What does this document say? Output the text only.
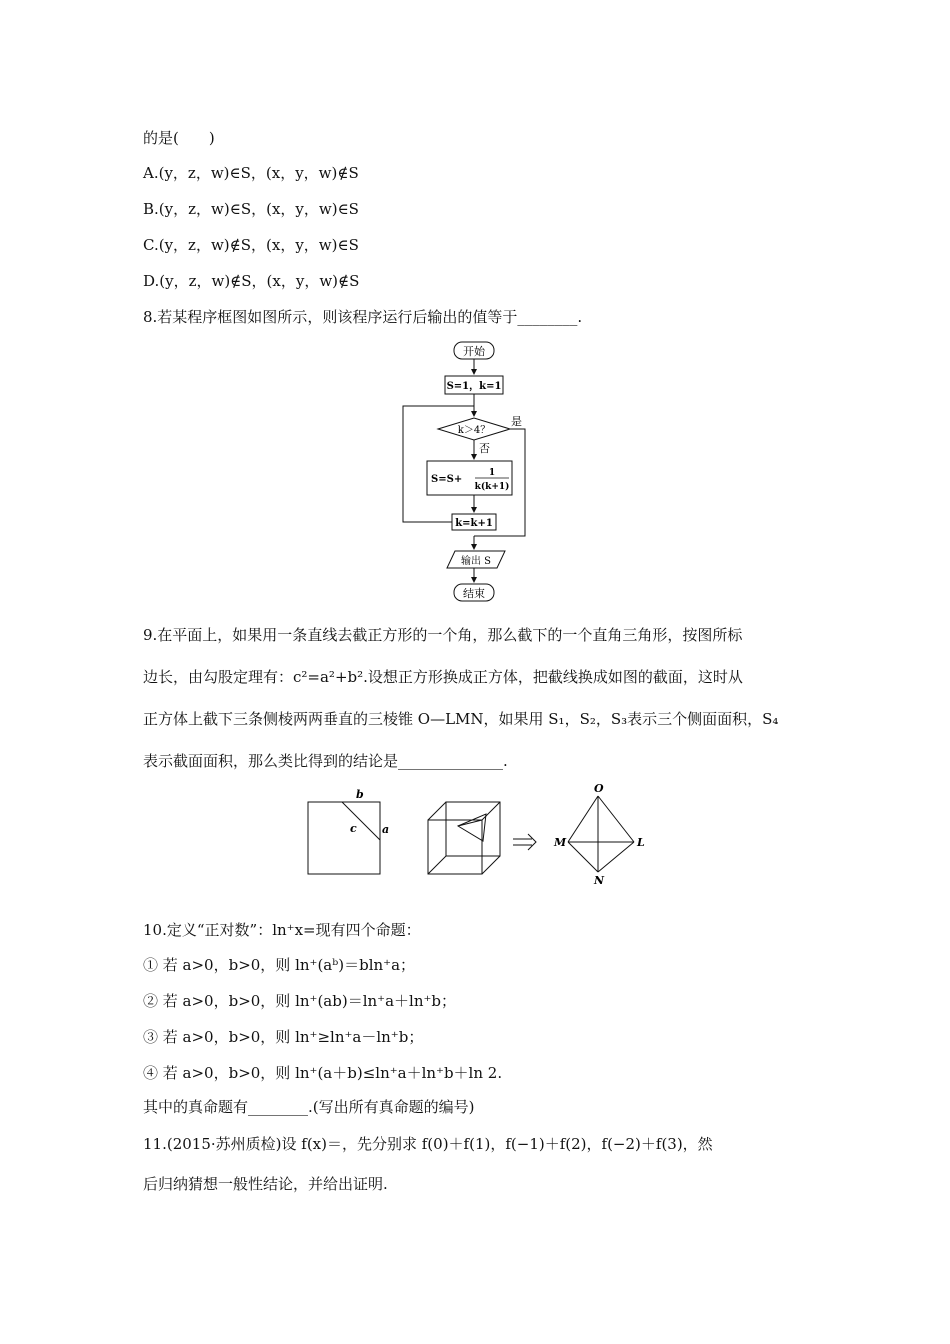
的是(　　)
A.(y，z，w)∈S，(x，y，w)∉S
B.(y，z，w)∈S，(x，y，w)∈S
C.(y，z，w)∉S，(x，y，w)∈S
D.(y，z，w)∉S，(x，y，w)∉S
8.若某程序框图如图所示，则该程序运行后输出的值等于________.
开始
S=1，k=1
k＞4？
是
否
S=S+
1
k(k+1)
k=k+1
输出 S
结束
9.在平面上，如果用一条直线去截正方形的一个角，那么截下的一个直角三角形，按图所标
边长，由勾股定理有：c²=a²+b².设想正方形换成正方体，把截线换成如图的截面，这时从
正方体上截下三条侧棱两两垂直的三棱锥 O—LMN，如果用 S₁，S₂，S₃表示三个侧面面积，S₄
表示截面面积，那么类比得到的结论是______________.
b
c a
O
M	L
N
10.定义“正对数”：ln⁺x=现有四个命题：
① 若 a>0，b>0，则 ln⁺(aᵇ)＝bln⁺a；
② 若 a>0，b>0，则 ln⁺(ab)＝ln⁺a＋ln⁺b；
③ 若 a>0，b>0，则 ln⁺≥ln⁺a－ln⁺b；
④ 若 a>0，b>0，则 ln⁺(a＋b)≤ln⁺a＋ln⁺b＋ln 2.
其中的真命题有________.(写出所有真命题的编号)
11.(2015·苏州质检)设 f(x)＝，先分别求 f(0)＋f(1)，f(−1)＋f(2)，f(−2)＋f(3)，然
后归纳猜想一般性结论，并给出证明.
